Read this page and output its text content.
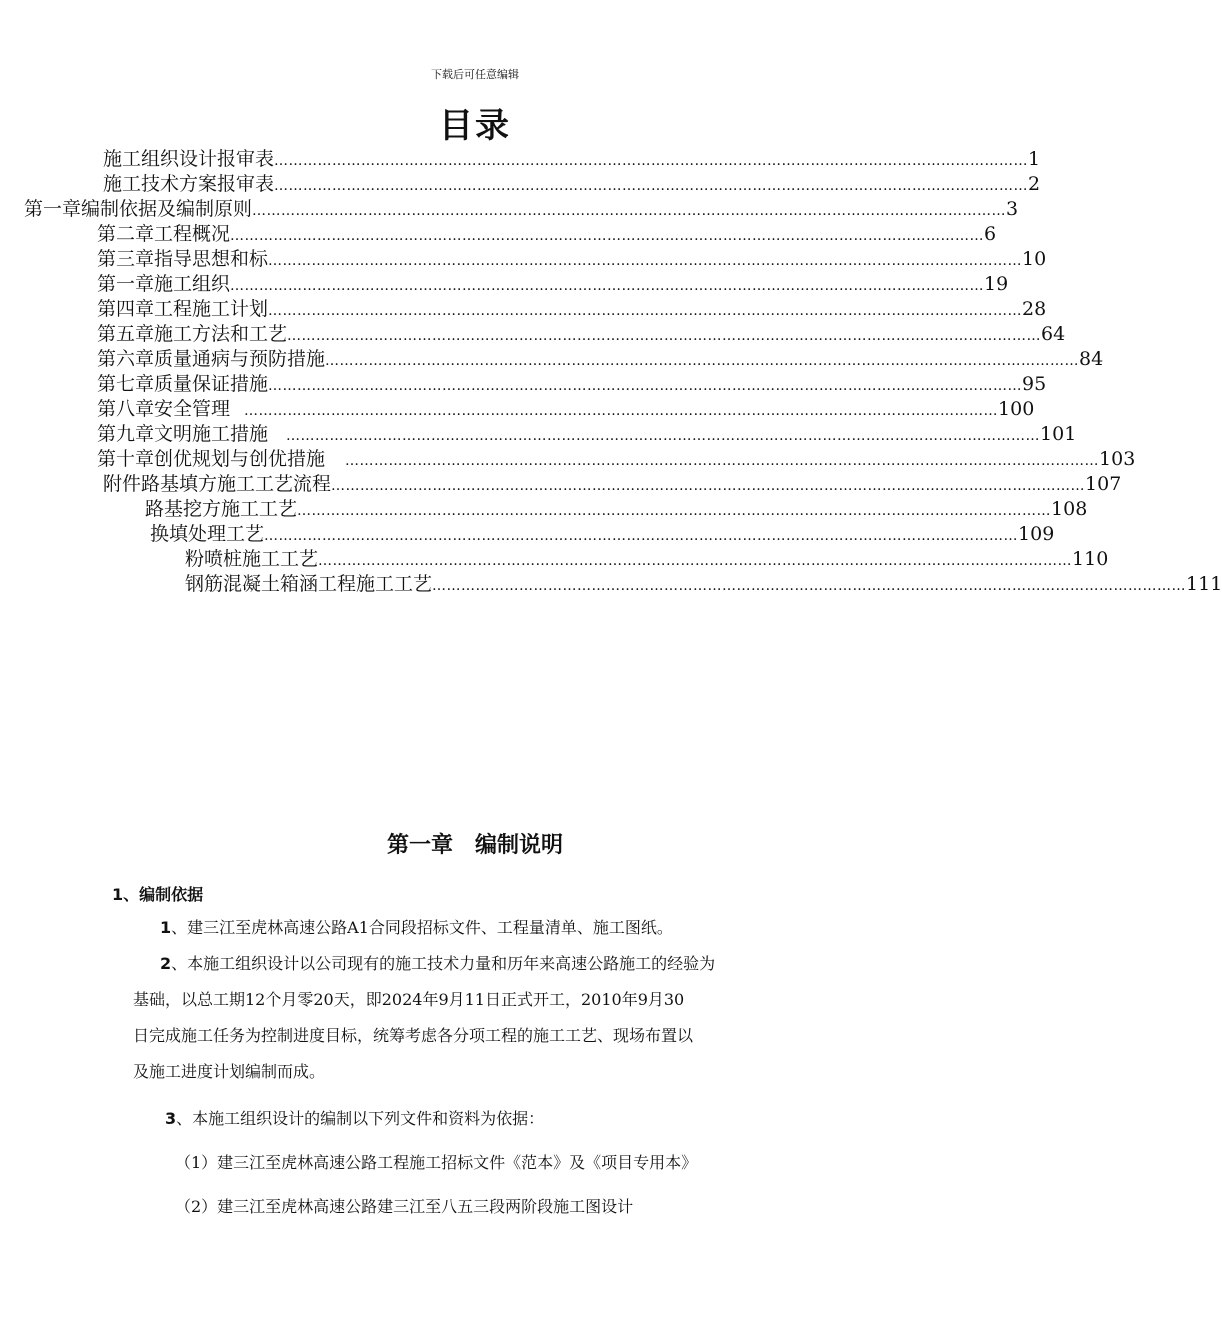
下载后可任意编辑
目录
施工组织设计报审表 ………………………………………………………………………………………………………………………………………… 1
施工技术方案报审表 ………………………………………………………………………………………………………………………………………… 2
第一章 编制依据及编制原则 ………………………………………………………………………………………………………………………………………… 3
第二章 工程概况 ………………………………………………………………………………………………………………………………………… 6
第三章 指导思想和标 ………………………………………………………………………………………………………………………………………… 10
第一章 施工组织 ………………………………………………………………………………………………………………………………………… 19
第四章 工程施工计划 ………………………………………………………………………………………………………………………………………… 28
第五章 施工方法和工艺 ………………………………………………………………………………………………………………………………………… 64
第六章 质量通病与预防措施 ………………………………………………………………………………………………………………………………………… 84
第七章 质量保证措施 ………………………………………………………………………………………………………………………………………… 95
第八章 安全管理 ………………………………………………………………………………………………………………………………………… 100
第九章 文明施工措施 ………………………………………………………………………………………………………………………………………… 101
第十章 创优规划与创优措施 ………………………………………………………………………………………………………………………………………… 103
附件 路基填方施工工艺流程 ………………………………………………………………………………………………………………………………………… 107
路基挖方施工工艺 ………………………………………………………………………………………………………………………………………… 108
换填处理工艺 ………………………………………………………………………………………………………………………………………… 109
粉喷桩施工工艺 ………………………………………………………………………………………………………………………………………… 110
钢筋混凝土箱涵工程施工工艺 ………………………………………………………………………………………………………………………………………… 111
第一章　编制说明
1、编制依据
1、建三江至虎林高速公路A1合同段招标文件、工程量清单、施工图纸。
2、本施工组织设计以公司现有的施工技术力量和历年来高速公路施工的经验为
基础，以总工期12个月零20天，即2024年9月11日正式开工，2010年9月30
日完成施工任务为控制进度目标，统筹考虑各分项工程的施工工艺、现场布置以
及施工进度计划编制而成。
3、本施工组织设计的编制以下列文件和资料为依据：
（1）建三江至虎林高速公路工程施工招标文件《范本》及《项目专用本》
（2）建三江至虎林高速公路建三江至八五三段两阶段施工图设计
